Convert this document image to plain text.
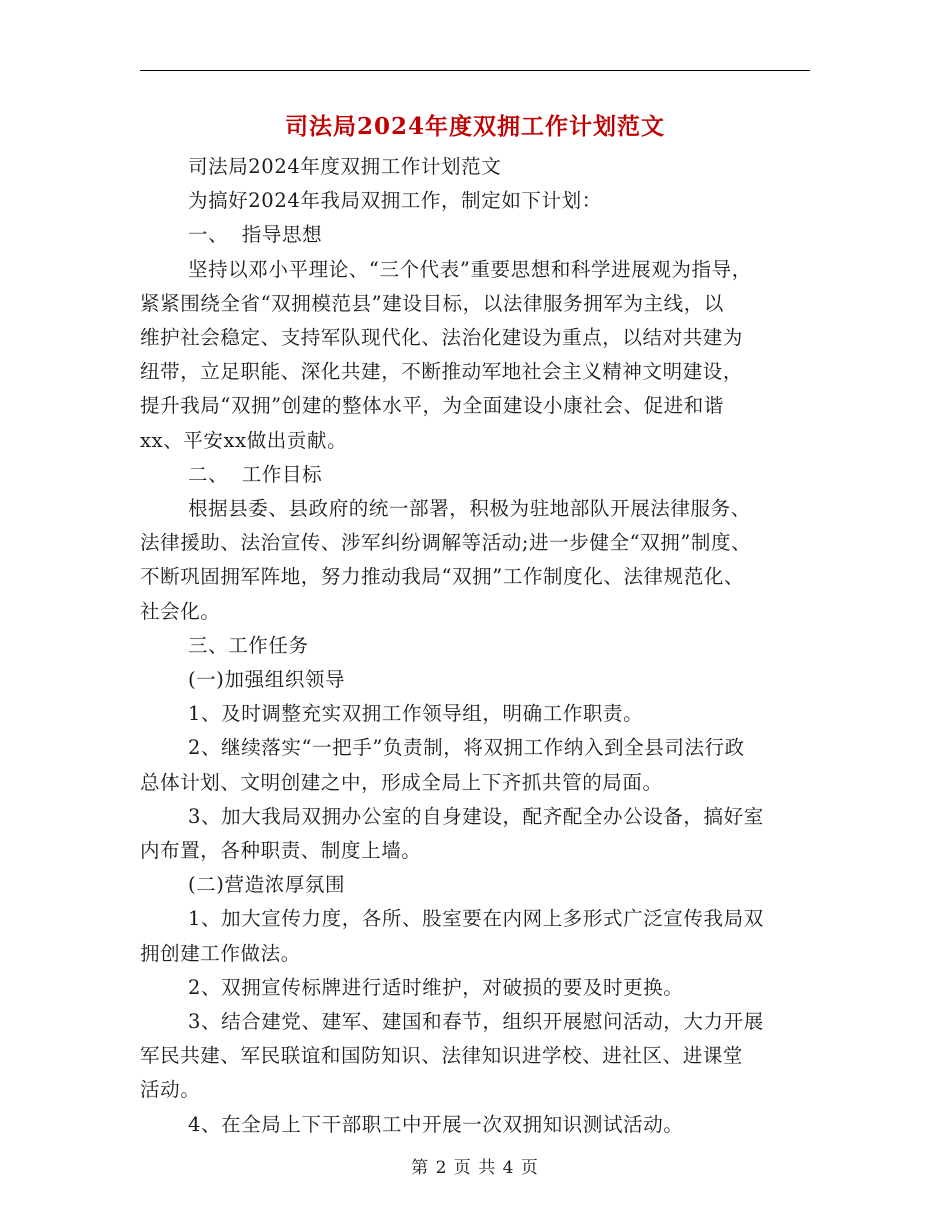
司法局2024年度双拥工作计划范文

司法局2024年度双拥工作计划范文

为搞好2024年我局双拥工作，制定如下计划：

一、  指导思想

坚持以邓小平理论、“三个代表”重要思想和科学进展观为指导，

紧紧围绕全省“双拥模范县”建设目标，以法律服务拥军为主线，以

维护社会稳定、支持军队现代化、法治化建设为重点，以结对共建为

纽带，立足职能、深化共建，不断推动军地社会主义精神文明建设，

提升我局“双拥”创建的整体水平，为全面建设小康社会、促进和谐

xx、平安xx做出贡献。

二、  工作目标

根据县委、县政府的统一部署，积极为驻地部队开展法律服务、

法律援助、法治宣传、涉军纠纷调解等活动;进一步健全“双拥”制度、

不断巩固拥军阵地，努力推动我局“双拥”工作制度化、法律规范化、

社会化。

三、工作任务

(一)加强组织领导

1、及时调整充实双拥工作领导组，明确工作职责。

2、继续落实“一把手”负责制，将双拥工作纳入到全县司法行政

总体计划、文明创建之中，形成全局上下齐抓共管的局面。

3、加大我局双拥办公室的自身建设，配齐配全办公设备，搞好室

内布置，各种职责、制度上墙。

(二)营造浓厚氛围

1、加大宣传力度，各所、股室要在内网上多形式广泛宣传我局双

拥创建工作做法。

2、双拥宣传标牌进行适时维护，对破损的要及时更换。

3、结合建党、建军、建国和春节，组织开展慰问活动，大力开展

军民共建、军民联谊和国防知识、法律知识进学校、进社区、进课堂

活动。

4、在全局上下干部职工中开展一次双拥知识测试活动。

第 2 页 共 4 页
